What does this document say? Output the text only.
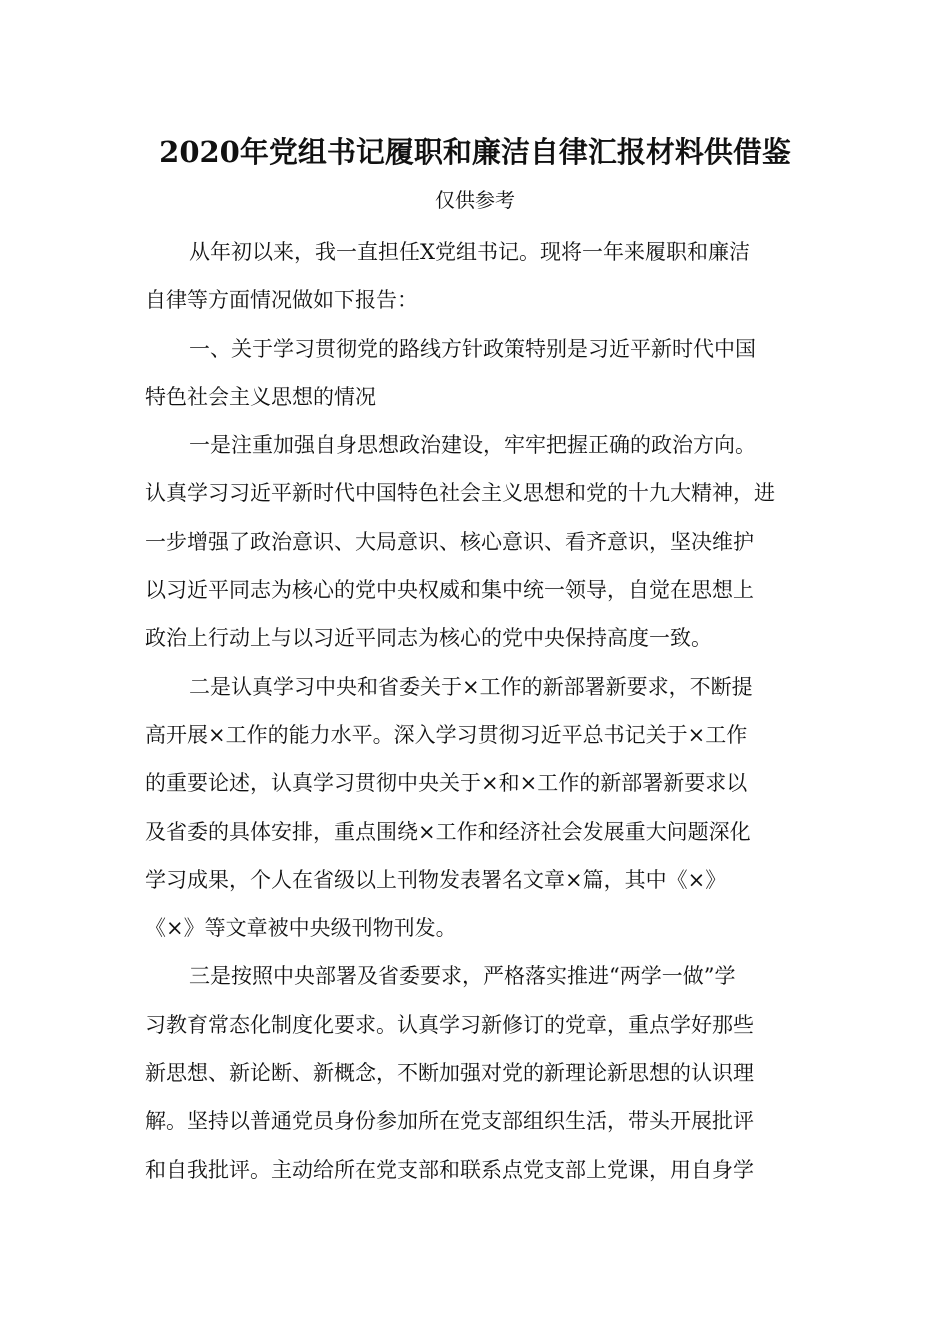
2020年党组书记履职和廉洁自律汇报材料供借鉴
仅供参考
从年初以来，我一直担任X党组书记。现将一年来履职和廉洁
自律等方面情况做如下报告：
一、关于学习贯彻党的路线方针政策特别是习近平新时代中国
特色社会主义思想的情况
一是注重加强自身思想政治建设，牢牢把握正确的政治方向。
认真学习习近平新时代中国特色社会主义思想和党的十九大精神，进
一步增强了政治意识、大局意识、核心意识、看齐意识，坚决维护
以习近平同志为核心的党中央权威和集中统一领导，自觉在思想上
政治上行动上与以习近平同志为核心的党中央保持高度一致。
二是认真学习中央和省委关于×工作的新部署新要求，不断提
高开展×工作的能力水平。深入学习贯彻习近平总书记关于×工作
的重要论述，认真学习贯彻中央关于×和×工作的新部署新要求以
及省委的具体安排，重点围绕×工作和经济社会发展重大问题深化
学习成果，个人在省级以上刊物发表署名文章×篇，其中《×》
《×》等文章被中央级刊物刊发。
三是按照中央部署及省委要求，严格落实推进“两学一做”学
习教育常态化制度化要求。认真学习新修订的党章，重点学好那些
新思想、新论断、新概念，不断加强对党的新理论新思想的认识理
解。坚持以普通党员身份参加所在党支部组织生活，带头开展批评
和自我批评。主动给所在党支部和联系点党支部上党课，用自身学
